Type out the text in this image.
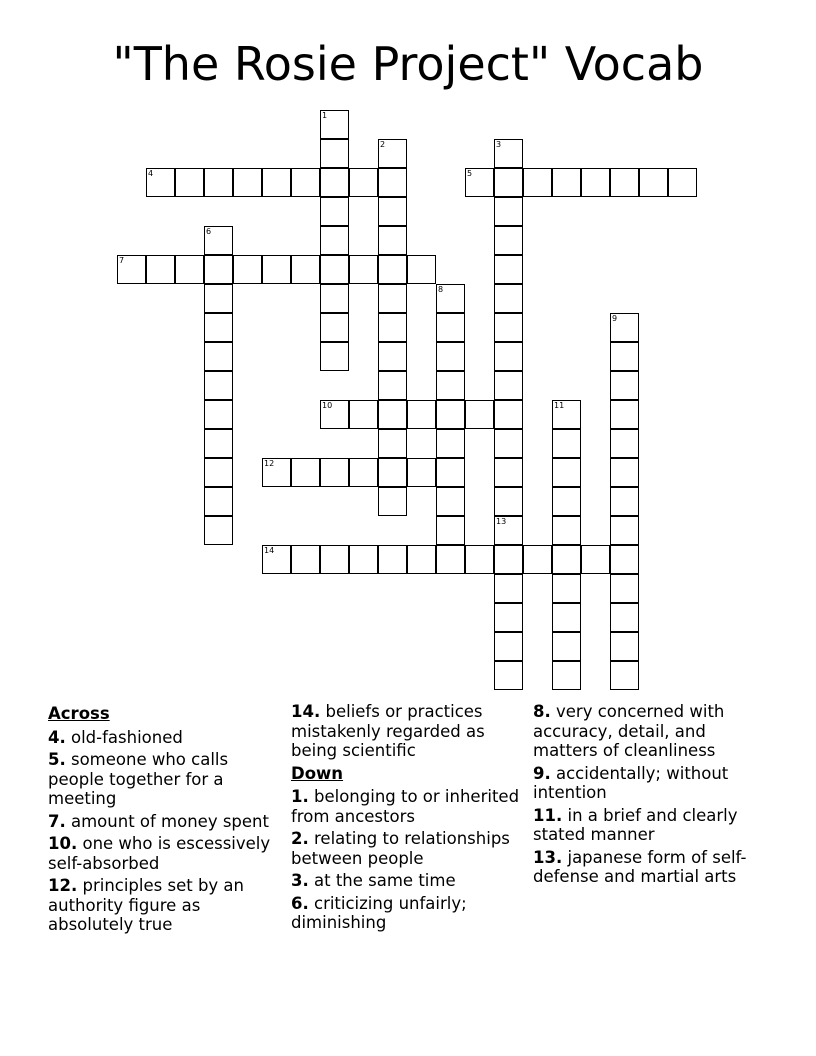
"The Rosie Project" Vocab
1
2	3
4	5
6
7
8
9
10	11
12
13
14
Across
4. old-fashioned
5. someone who calls people together for a meeting
7. amount of money spent
10. one who is escessively self-absorbed
12. principles set by an authority figure as absolutely true
14. beliefs or practices mistakenly regarded as being scientific
Down
1. belonging to or inherited from ancestors
2. relating to relationships between people
3. at the same time
6. criticizing unfairly; diminishing
8. very concerned with accuracy, detail, and matters of cleanliness
9. accidentally; without intention
11. in a brief and clearly stated manner
13. japanese form of self-defense and martial arts
